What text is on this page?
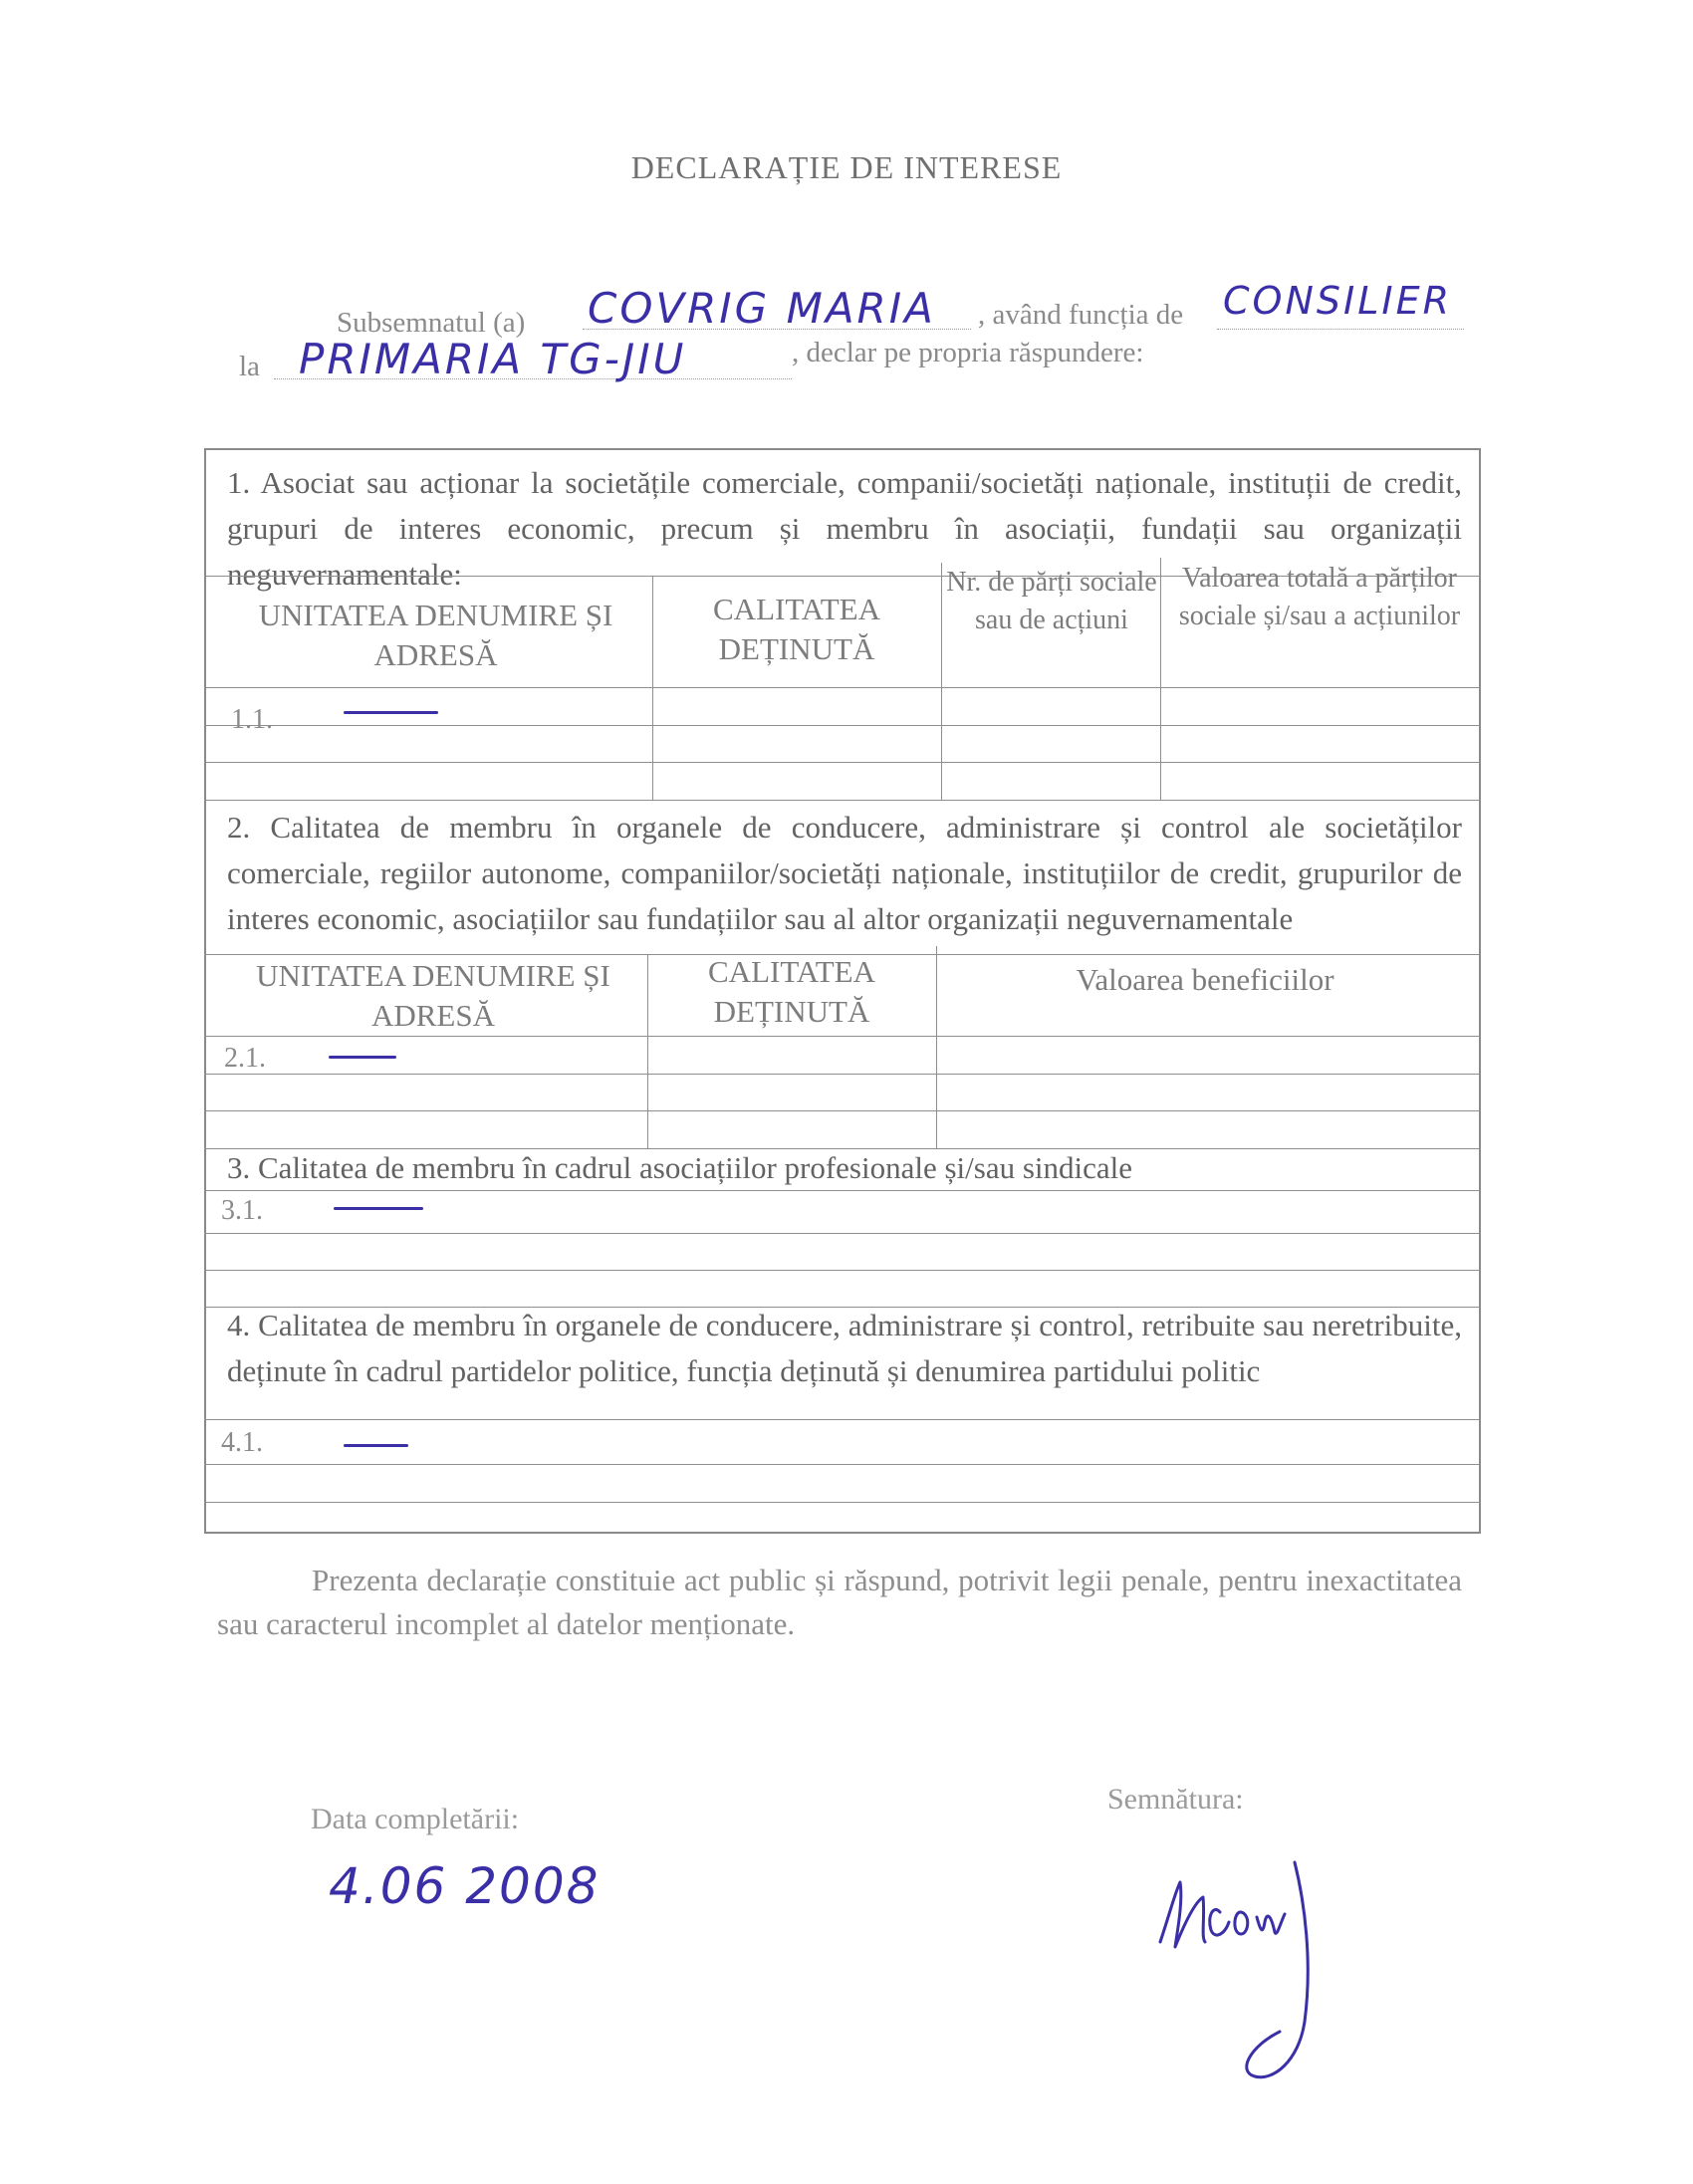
DECLARAȚIE DE INTERESE
Subsemnatul (a) COVRIG MARIA , având funcția de CONSILIER
la PRIMARIA TG-JIU	, declar pe propria răspundere:
1. Asociat sau acționar la societățile comerciale, companii/societăți naționale, instituții de credit, grupuri de interes economic, precum și membru în asociații, fundații sau organizații neguvernamentale:
UNITATEA DENUMIRE ȘI ADRESĂ
CALITATEA DEȚINUTĂ
Nr. de părți sociale sau de acțiuni
Valoarea totală a părților sociale și/sau a acțiunilor
1.1.
2. Calitatea de membru în organele de conducere, administrare și control ale societăților comerciale, regiilor autonome, companiilor/societăți naționale, instituțiilor de credit, grupurilor de interes economic, asociațiilor sau fundațiilor sau al altor organizații neguvernamentale
UNITATEA DENUMIRE ȘI ADRESĂ
CALITATEA DEȚINUTĂ
Valoarea beneficiilor
2.1.
3. Calitatea de membru în cadrul asociațiilor profesionale și/sau sindicale
3.1.
4. Calitatea de membru în organele de conducere, administrare și control, retribuite sau neretribuite, deținute în cadrul partidelor politice, funcția deținută și denumirea partidului politic
4.1.
Prezenta declarație constituie act public și răspund, potrivit legii penale, pentru inexactitatea sau caracterul incomplet al datelor menționate.
Data completării:
4.06 2008
Semnătura:
